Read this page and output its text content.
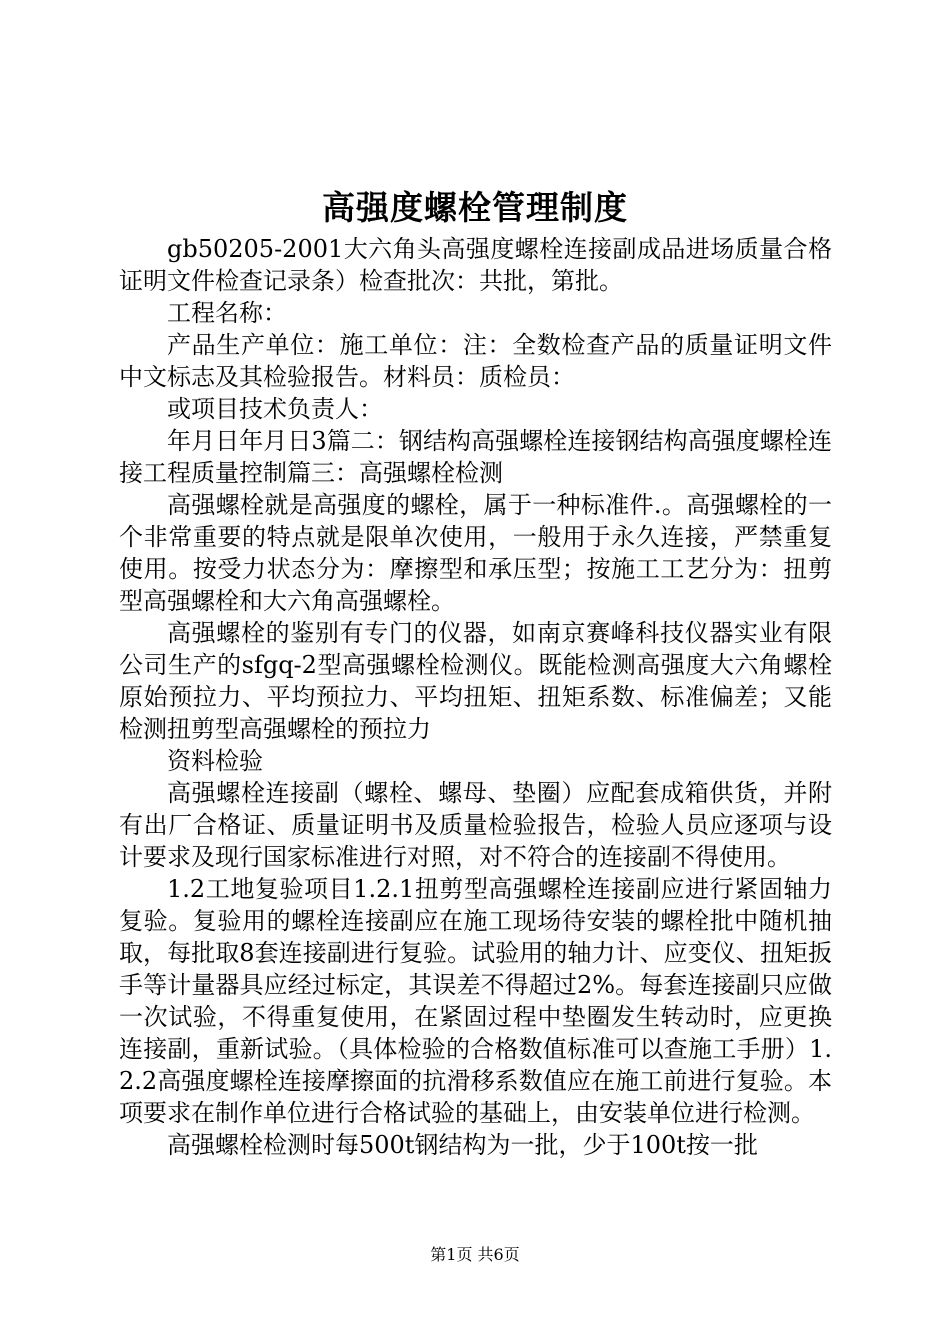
高强度螺栓管理制度

gb50205-2001大六角头高强度螺栓连接副成品进场质量合格证明文件检查记录条）检查批次：共批，第批。

工程名称：

产品生产单位：施工单位：注：全数检查产品的质量证明文件中文标志及其检验报告。材料员：质检员：

或项目技术负责人：

年月日年月日3篇二：钢结构高强螺栓连接钢结构高强度螺栓连接工程质量控制篇三：高强螺栓检测

高强螺栓就是高强度的螺栓，属于一种标准件.。高强螺栓的一个非常重要的特点就是限单次使用，一般用于永久连接，严禁重复使用。按受力状态分为：摩擦型和承压型；按施工工艺分为：扭剪型高强螺栓和大六角高强螺栓。

高强螺栓的鉴别有专门的仪器，如南京赛峰科技仪器实业有限公司生产的sfgq-2型高强螺栓检测仪。既能检测高强度大六角螺栓原始预拉力、平均预拉力、平均扭矩、扭矩系数、标准偏差；又能检测扭剪型高强螺栓的预拉力

资料检验

高强螺栓连接副（螺栓、螺母、垫圈）应配套成箱供货，并附有出厂合格证、质量证明书及质量检验报告，检验人员应逐项与设计要求及现行国家标准进行对照，对不符合的连接副不得使用。

1.2工地复验项目1.2.1扭剪型高强螺栓连接副应进行紧固轴力复验。复验用的螺栓连接副应在施工现场待安装的螺栓批中随机抽取，每批取8套连接副进行复验。试验用的轴力计、应变仪、扭矩扳手等计量器具应经过标定，其误差不得超过2%。每套连接副只应做一次试验，不得重复使用，在紧固过程中垫圈发生转动时，应更换连接副，重新试验。（具体检验的合格数值标准可以查施工手册）1.2.2高强度螺栓连接摩擦面的抗滑移系数值应在施工前进行复验。本项要求在制作单位进行合格试验的基础上，由安装单位进行检测。

高强螺栓检测时每500t钢结构为一批，少于100t按一批

第1页 共6页
